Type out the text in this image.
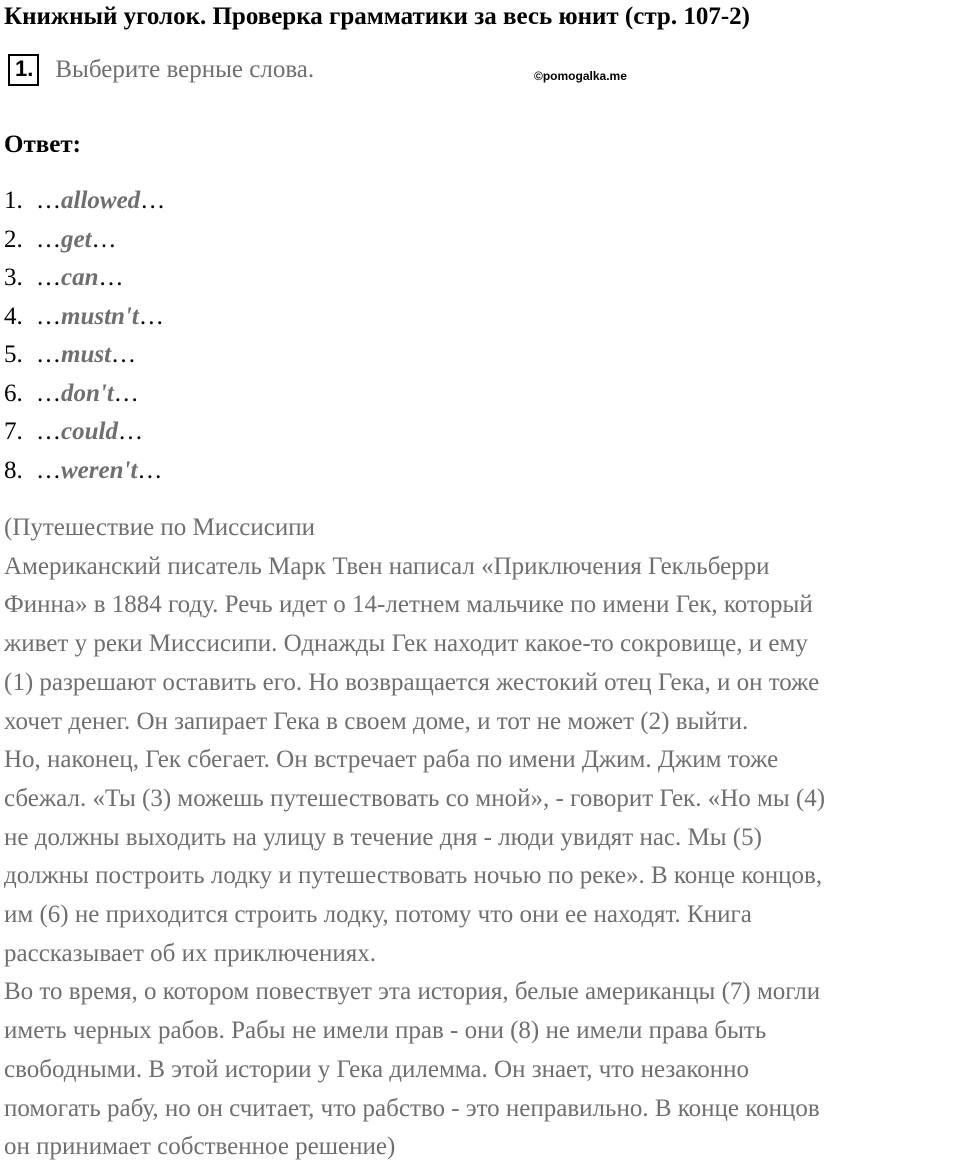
Книжный уголок. Проверка грамматики за весь юнит (стр. 107-2)
1. Выберите верные слова.	©pomogalka.me
Ответ:
1. …allowed…
2. …get…
3. …can…
4. …mustn't…
5. …must…
6. …don't…
7. …could…
8. …weren't…
(Путешествие по Миссисипи
Американский писатель Марк Твен написал «Приключения Гекльберри
Финна» в 1884 году. Речь идет о 14-летнем мальчике по имени Гек, который
живет у реки Миссисипи. Однажды Гек находит какое-то сокровище, и ему
(1) разрешают оставить его. Но возвращается жестокий отец Гека, и он тоже
хочет денег. Он запирает Гека в своем доме, и тот не может (2) выйти.
Но, наконец, Гек сбегает. Он встречает раба по имени Джим. Джим тоже
сбежал. «Ты (3) можешь путешествовать со мной», - говорит Гек. «Но мы (4)
не должны выходить на улицу в течение дня - люди увидят нас. Мы (5)
должны построить лодку и путешествовать ночью по реке». В конце концов,
им (6) не приходится строить лодку, потому что они ее находят. Книга
рассказывает об их приключениях.
Во то время, о котором повествует эта история, белые американцы (7) могли
иметь черных рабов. Рабы не имели прав - они (8) не имели права быть
свободными. В этой истории у Гека дилемма. Он знает, что незаконно
помогать рабу, но он считает, что рабство - это неправильно. В конце концов
он принимает собственное решение)
